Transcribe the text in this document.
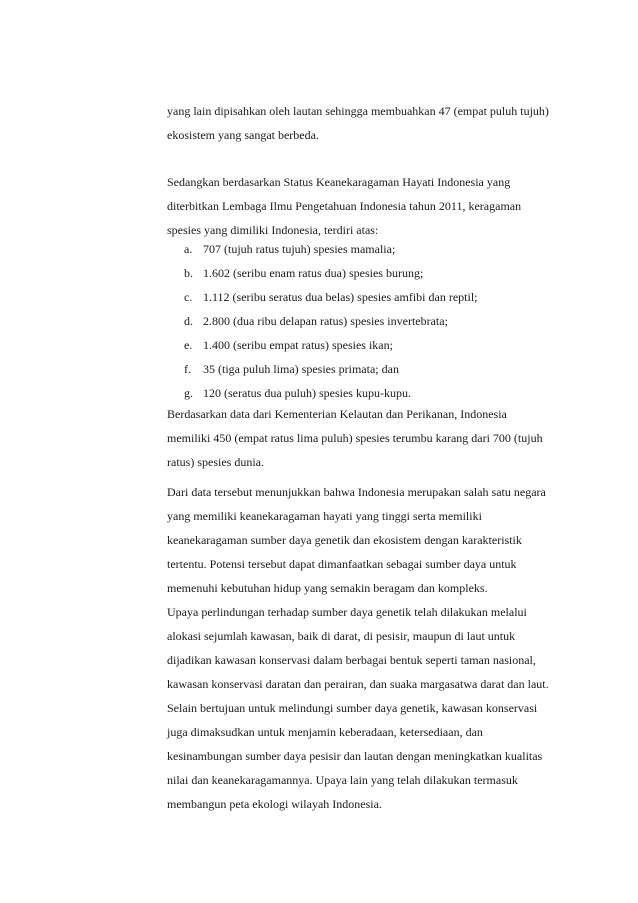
yang lain dipisahkan oleh lautan sehingga membuahkan 47 (empat puluh tujuh)
ekosistem yang sangat berbeda.

Sedangkan berdasarkan Status Keanekaragaman Hayati Indonesia yang
diterbitkan Lembaga Ilmu Pengetahuan Indonesia tahun 2011, keragaman
spesies yang dimiliki Indonesia, terdiri atas:

a. 707 (tujuh ratus tujuh) spesies mamalia;
b. 1.602 (seribu enam ratus dua) spesies burung;
c. 1.112 (seribu seratus dua belas) spesies amfibi dan reptil;
d. 2.800 (dua ribu delapan ratus) spesies invertebrata;
e. 1.400 (seribu empat ratus) spesies ikan;
f. 35 (tiga puluh lima) spesies primata; dan
g. 120 (seratus dua puluh) spesies kupu-kupu.

Berdasarkan data dari Kementerian Kelautan dan Perikanan, Indonesia
memiliki 450 (empat ratus lima puluh) spesies terumbu karang dari 700 (tujuh
ratus) spesies dunia.

Dari data tersebut menunjukkan bahwa Indonesia merupakan salah satu negara
yang memiliki keanekaragaman hayati yang tinggi serta memiliki
keanekaragaman sumber daya genetik dan ekosistem dengan karakteristik
tertentu. Potensi tersebut dapat dimanfaatkan sebagai sumber daya untuk
memenuhi kebutuhan hidup yang semakin beragam dan kompleks.

Upaya perlindungan terhadap sumber daya genetik telah dilakukan melalui
alokasi sejumlah kawasan, baik di darat, di pesisir, maupun di laut untuk
dijadikan kawasan konservasi dalam berbagai bentuk seperti taman nasional,
kawasan konservasi daratan dan perairan, dan suaka margasatwa darat dan laut.
Selain bertujuan untuk melindungi sumber daya genetik, kawasan konservasi
juga dimaksudkan untuk menjamin keberadaan, ketersediaan, dan
kesinambungan sumber daya pesisir dan lautan dengan meningkatkan kualitas
nilai dan keanekaragamannya. Upaya lain yang telah dilakukan termasuk
membangun peta ekologi wilayah Indonesia.
